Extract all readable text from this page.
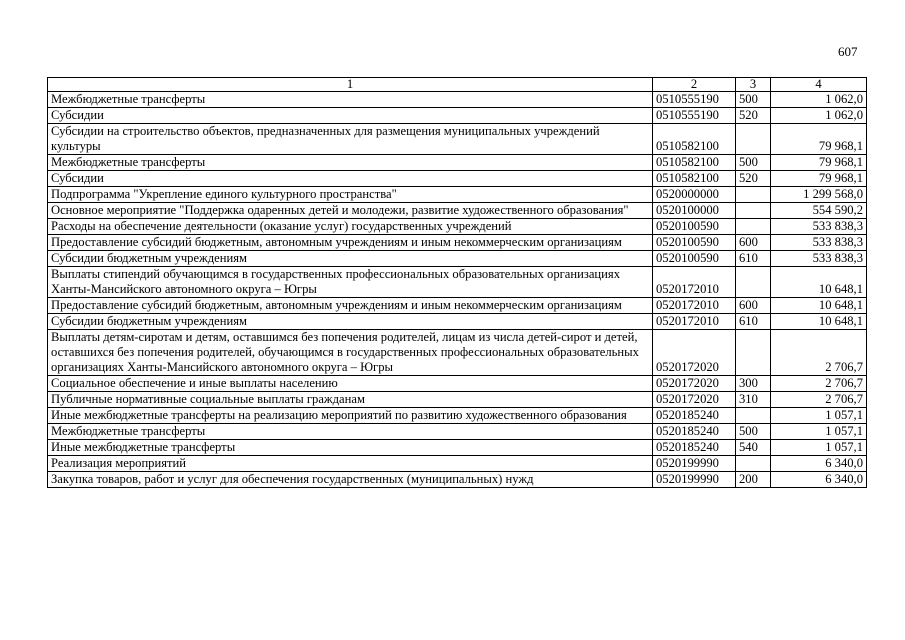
607
1	2	3	4
Межбюджетные трансферты	0510555190	500	1 062,0
Субсидии	0510555190	520	1 062,0
Субсидии на строительство объектов, предназначенных для размещения муниципальных учреждений культуры	0510582100		79 968,1
Межбюджетные трансферты	0510582100	500	79 968,1
Субсидии	0510582100	520	79 968,1
Подпрограмма "Укрепление единого культурного пространства"	0520000000		1 299 568,0
Основное мероприятие "Поддержка одаренных детей и молодежи, развитие художественного образования"	0520100000		554 590,2
Расходы на обеспечение деятельности (оказание услуг) государственных учреждений	0520100590		533 838,3
Предоставление субсидий бюджетным, автономным учреждениям и иным некоммерческим организациям	0520100590	600	533 838,3
Субсидии бюджетным учреждениям	0520100590	610	533 838,3
Выплаты стипендий обучающимся в государственных профессиональных образовательных организациях Ханты-Мансийского автономного округа – Югры	0520172010		10 648,1
Предоставление субсидий бюджетным, автономным учреждениям и иным некоммерческим организациям	0520172010	600	10 648,1
Субсидии бюджетным учреждениям	0520172010	610	10 648,1
Выплаты детям-сиротам и детям, оставшимся без попечения родителей, лицам из числа детей-сирот и детей, оставшихся без попечения родителей, обучающимся в государственных профессиональных образовательных организациях Ханты-Мансийского автономного округа – Югры	0520172020		2 706,7
Социальное обеспечение и иные выплаты населению	0520172020	300	2 706,7
Публичные нормативные социальные выплаты гражданам	0520172020	310	2 706,7
Иные межбюджетные трансферты на реализацию мероприятий по развитию художественного образования	0520185240		1 057,1
Межбюджетные трансферты	0520185240	500	1 057,1
Иные межбюджетные трансферты	0520185240	540	1 057,1
Реализация мероприятий	0520199990		6 340,0
Закупка товаров, работ и услуг для обеспечения государственных (муниципальных) нужд	0520199990	200	6 340,0
